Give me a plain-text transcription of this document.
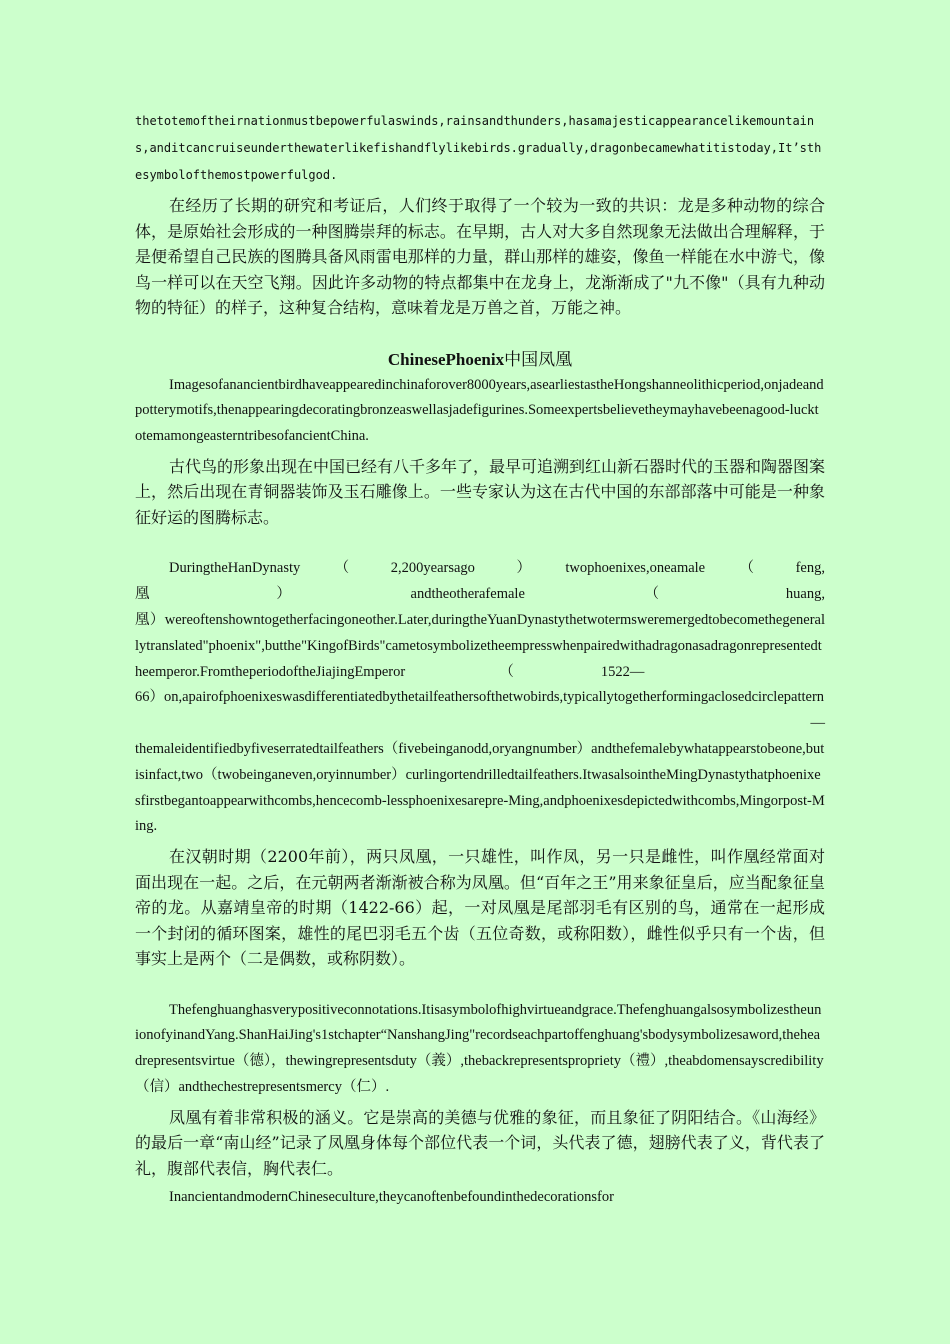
thetotemoftheirnationmustbepowerfulaswinds,rainsandthunders,hasamajesticappearancelikemountains,anditcancruiseunderthewaterlikefishandflylikebirds.gradually,dragonbecamewhatitistoday,It’sthesymbolofthemostpowerfulgod.

在经历了长期的研究和考证后，人们终于取得了一个较为一致的共识：龙是多种动物的综合体，是原始社会形成的一种图腾崇拜的标志。在早期，古人对大多自然现象无法做出合理解释，于是便希望自己民族的图腾具备风雨雷电那样的力量，群山那样的雄姿，像鱼一样能在水中游弋，像鸟一样可以在天空飞翔。因此许多动物的特点都集中在龙身上，龙渐渐成了"九不像"（具有九种动物的特征）的样子，这种复合结构，意味着龙是万兽之首，万能之神。

ChinesePhoenix中国凤凰

Imagesofanancientbirdhaveappearedinchinaforover8000years,asearliestastheHongshanneolithicperiod,onjadeandpotterymotifs,thenappearingdecoratingbronzeaswellasjadefigurines.Someexpertsbelievetheymayhavebeenagood-lucktotemamongeasterntribesofancientChina.

古代鸟的形象出现在中国已经有八千多年了，最早可追溯到红山新石器时代的玉器和陶器图案上，然后出现在青铜器装饰及玉石雕像上。一些专家认为这在古代中国的东部部落中可能是一种象征好运的图腾标志。

DuringtheHanDynasty　（　2,200yearsago　）　twophoenixes,oneamale　（　feng,

凰　　　　　　　　）　　　　　　　　andtheotherafemale　　　　　　　　（　　　　　　　　huang,

凰）wereoftenshowntogetherfacingoneother.Later,duringtheYuanDynastythetwotermsweremergedtobecomethegenerallytranslated"phoenix",butthe"KingofBirds"cametosymbolizetheempresswhenpairedwithadragonasadragonrepresentedtheemperor.FromtheperiodoftheJiajingEmperor　　　　　　　（　　　　　　1522—

66）on,apairofphoenixeswasdifferentiatedbythetailfeathersofthetwobirds,typicallytogetherformingaclosedcirclepattern

—

themaleidentifiedbyfiveserratedtailfeathers（fivebeinganodd,oryangnumber）andthefemalebywhatappearstobeone,butisinfact,two（twobeinganeven,oryinnumber）curlingortendrilledtailfeathers.ItwasalsointheMingDynastythatphoenixesfirstbegantoappearwithcombs,hencecomb-lessphoenixesarepre-Ming,andphoenixesdepictedwithcombs,Mingorpost-Ming.

在汉朝时期（2200年前），两只凤凰，一只雄性，叫作凤，另一只是雌性，叫作凰经常面对面出现在一起。之后，在元朝两者渐渐被合称为凤凰。但“百年之王”用来象征皇后，应当配象征皇帝的龙。从嘉靖皇帝的时期（1422-66）起，一对凤凰是尾部羽毛有区别的鸟，通常在一起形成一个封闭的循环图案，雄性的尾巴羽毛五个齿（五位奇数，或称阳数），雌性似乎只有一个齿，但事实上是两个（二是偶数，或称阴数）。

Thefenghuanghasverypositiveconnotations.Itisasymbolofhighvirtueandgrace.ThefenghuangalsosymbolizestheunionofyinandYang.ShanHaiJing's1stchapter“NanshangJing"recordseachpartoffenghuang'sbodysymbolizesaword,theheadrepresentsvirtue（德），thewingrepresentsduty（義）,thebackrepresentspropriety（禮）,theabdomensayscredibility（信）andthechestrepresentsmercy（仁）.

凤凰有着非常积极的涵义。它是崇高的美德与优雅的象征，而且象征了阴阳结合。《山海经》的最后一章“南山经”记录了凤凰身体每个部位代表一个词，头代表了德，翅膀代表了义，背代表了礼，腹部代表信，胸代表仁。

InancientandmodernChineseculture,theycanoftenbefoundinthedecorationsfor
